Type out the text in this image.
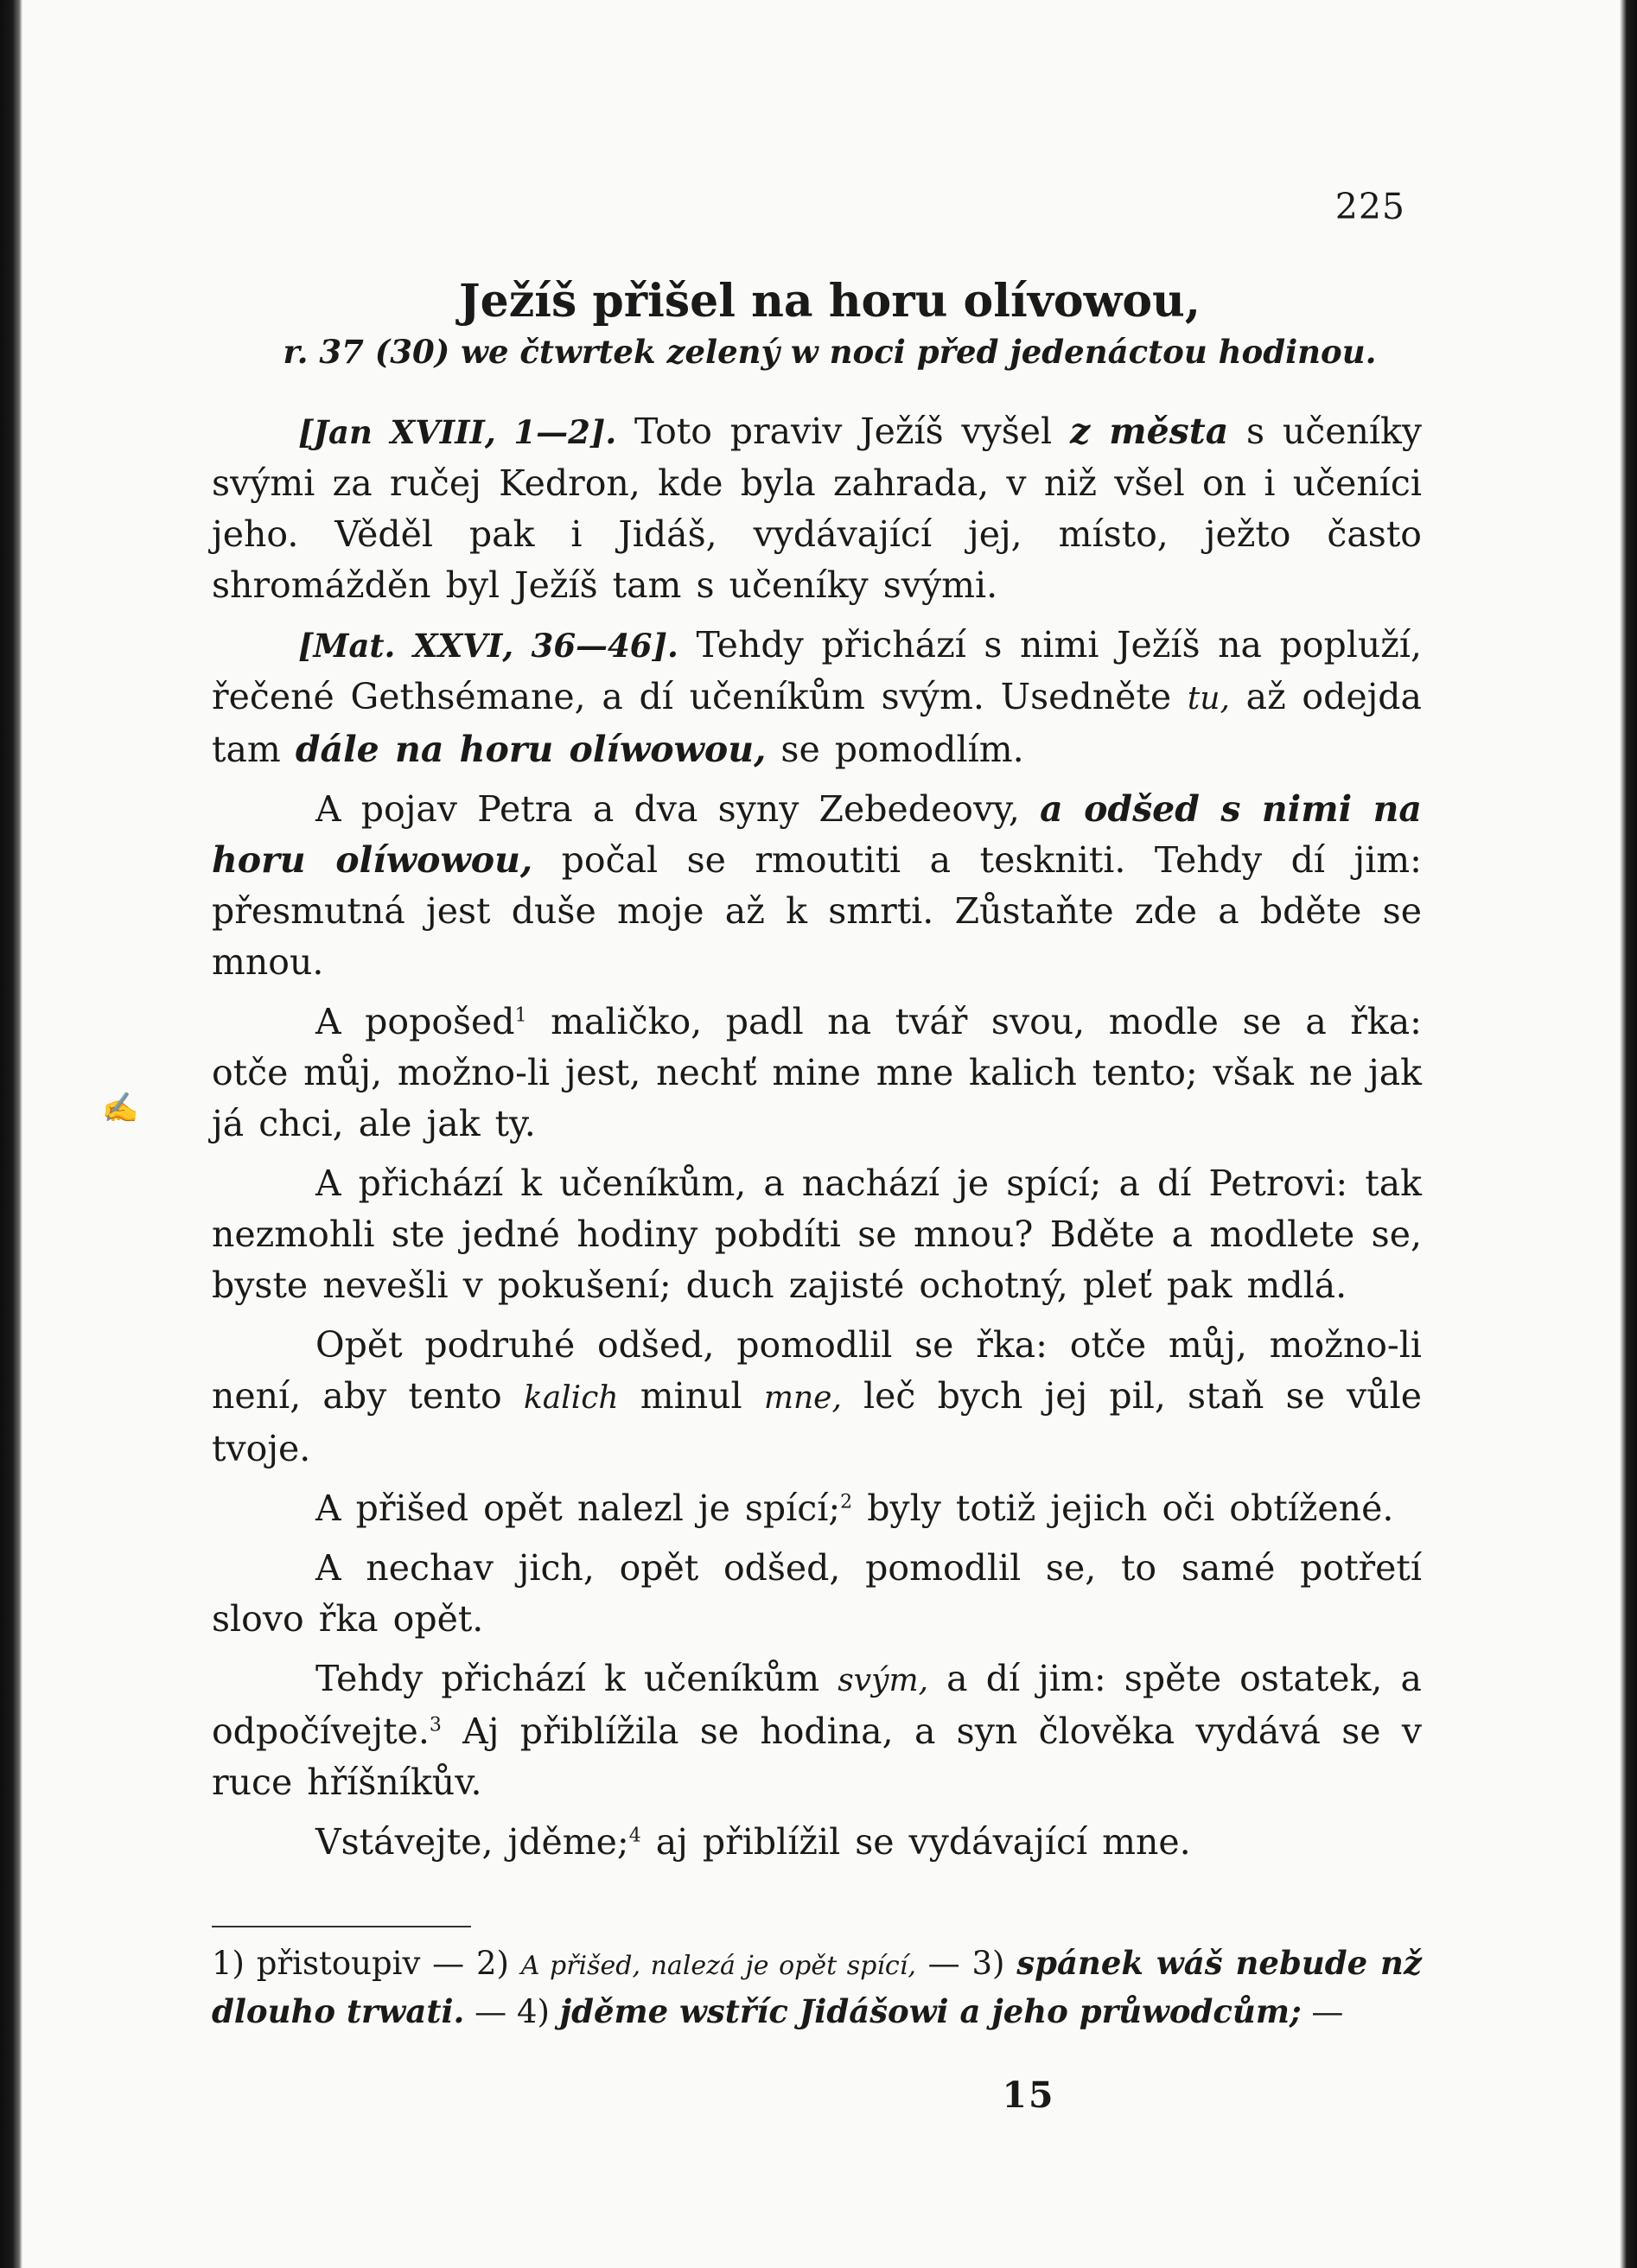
225
Ježíš přišel na horu olívowou,
r. 37 (30) we čtwrtek zelený w noci před jedenáctou hodinou.
✍

[Jan XVIII, 1—2]. Toto praviv Ježíš vyšel z města s učeníky svými za ručej Kedron, kde byla zahrada, v niž všel on i učeníci jeho. Věděl pak i Jidáš, vydávající jej, místo, ježto často shromážděn byl Ježíš tam s učeníky svými.

[Mat. XXVI, 36—46]. Tehdy přichází s nimi Ježíš na popluží, řečené Gethsémane, a dí učeníkům svým. Usedněte tu, až odejda tam dále na horu olíwowou, se pomodlím.

A pojav Petra a dva syny Zebedeovy, a odšed s nimi na horu olíwowou, počal se rmoutiti a teskniti. Tehdy dí jim: přesmutná jest duše moje až k smrti. Zůstaňte zde a bděte se mnou.

A popošed$^1$ maličko, padl na tvář svou, modle se a řka: otče můj, možno-li jest, nechť mine mne kalich tento; však ne jak já chci, ale jak ty.

A přichází k učeníkům, a nachází je spící; a dí Petrovi: tak nezmohli ste jedné hodiny pobdíti se mnou? Bděte a modlete se, byste nevešli v pokušení; duch zajisté ochotný, pleť pak mdlá.

Opět podruhé odšed, pomodlil se řka: otče můj, možno-li není, aby tento kalich minul mne, leč bych jej pil, staň se vůle tvoje.

A přišed opět nalezl je spící;$^2$ byly totiž jejich oči obtížené.

A nechav jich, opět odšed, pomodlil se, to samé potřetí slovo řka opět.

Tehdy přichází k učeníkům svým, a dí jim: spěte ostatek, a odpočívejte.$^3$ Aj přiblížila se hodina, a syn člověka vydává se v ruce hříšníkův.

Vstávejte, jděme;$^4$ aj přiblížil se vydávající mne.

1) přistoupiv — 2) A přišed, nalezá je opět spící, — 3) spánek wáš nebude nž dlouho trwati. — 4) jděme wstříc Jidášowi a jeho průwodcům; —
15
